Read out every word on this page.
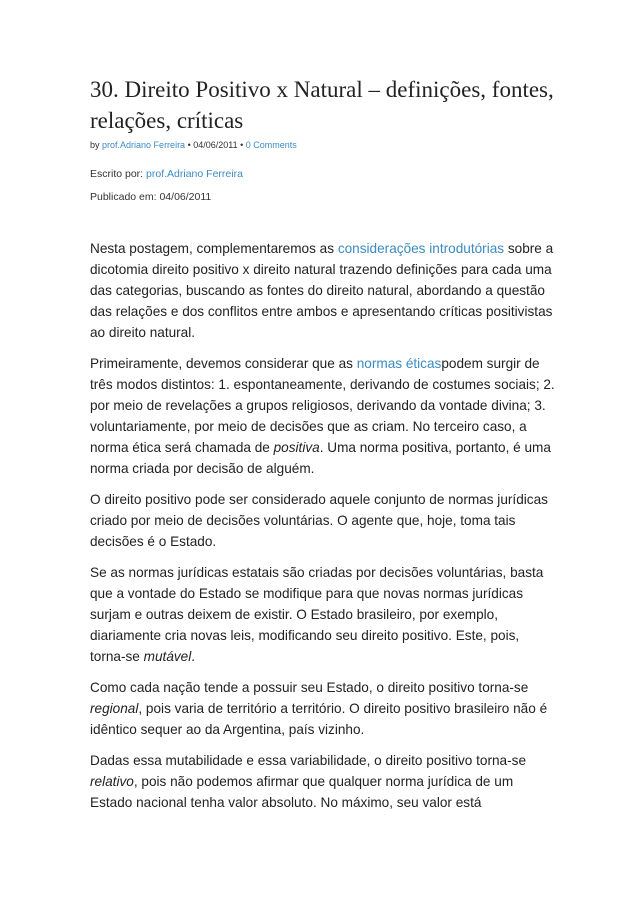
30. Direito Positivo x Natural – definições, fontes, relações, críticas
by prof.Adriano Ferreira • 04/06/2011 • 0 Comments
Escrito por: prof.Adriano Ferreira
Publicado em: 04/06/2011

Nesta postagem, complementaremos as considerações introdutórias sobre a dicotomia direito positivo x direito natural trazendo definições para cada uma das categorias, buscando as fontes do direito natural, abordando a questão das relações e dos conflitos entre ambos e apresentando críticas positivistas ao direito natural.

Primeiramente, devemos considerar que as normas éticaspodem surgir de três modos distintos: 1. espontaneamente, derivando de costumes sociais; 2. por meio de revelações a grupos religiosos, derivando da vontade divina; 3. voluntariamente, por meio de decisões que as criam. No terceiro caso, a norma ética será chamada de positiva. Uma norma positiva, portanto, é uma norma criada por decisão de alguém.

O direito positivo pode ser considerado aquele conjunto de normas jurídicas criado por meio de decisões voluntárias. O agente que, hoje, toma tais decisões é o Estado.

Se as normas jurídicas estatais são criadas por decisões voluntárias, basta que a vontade do Estado se modifique para que novas normas jurídicas surjam e outras deixem de existir. O Estado brasileiro, por exemplo, diariamente cria novas leis, modificando seu direito positivo. Este, pois, torna-se mutável.

Como cada nação tende a possuir seu Estado, o direito positivo torna-se regional, pois varia de território a território. O direito positivo brasileiro não é idêntico sequer ao da Argentina, país vizinho.

Dadas essa mutabilidade e essa variabilidade, o direito positivo torna-se relativo, pois não podemos afirmar que qualquer norma jurídica de um Estado nacional tenha valor absoluto. No máximo, seu valor está
